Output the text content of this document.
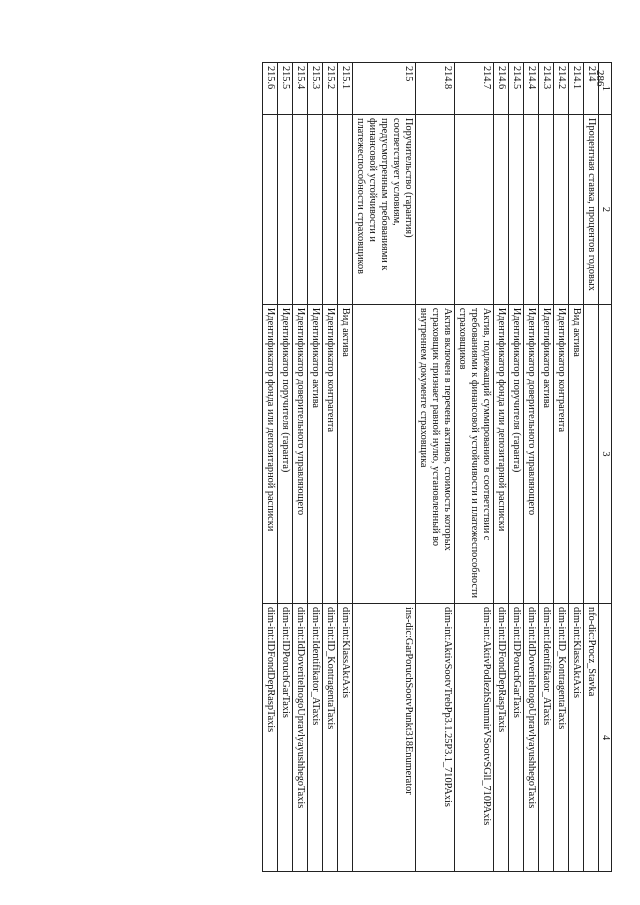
286
1	2	3	4
214	Процентная ставка, процентов годовых		nfo-dic:Procz_Stavka
214.1		Вид актива	dim-int:KlassAktAxis
214.2		Идентификатор контрагента	dim-int:ID_KontragentaTaxis
214.3		Идентификатор актива	dim-int:Identifikator_ATaxis
214.4		Идентификатор доверительного управляющего	dim-int:IdDoveritelnogoUpravlyayushhegoTaxis
214.5		Идентификатор поручителя (гаранта)	dim-int:IDPoruchGarTaxis
214.6		Идентификатор фонда или депозитарной расписки	dim-int:IDFondDepRaspTaxis
214.7		Актив, подлежащий суммированию в соответствии с требованиями к финансовой устойчивости и платежеспособности страховщиков	dim-int:AktivPodlezhSummirVSootvSGll_710PAxis
214.8		Актив включен в перечень активов, стоимость которых страховщик признает равной нулю, установленный во внутреннем документе страховщика	dim-int:AktivSootvTrebPp3.1.25P3.1_710PAxis
215	Поручительство (гарантия) соответствует условиям, предусмотренным требованиями к финансовой устойчивости и платежеспособности страховщиков		ins-dic:GarPoruchSootvPunkt318Enumerator
215.1		Вид актива	dim-int:KlassAktAxis
215.2		Идентификатор контрагента	dim-int:ID_KontragentaTaxis
215.3		Идентификатор актива	dim-int:Identifikator_ATaxis
215.4		Идентификатор доверительного управляющего	dim-int:IdDoveritelnogoUpravlyayushhegoTaxis
215.5		Идентификатор поручителя (гаранта)	dim-int:IDPoruchGarTaxis
215.6		Идентификатор фонда или депозитарной расписки	dim-int:IDFondDepRaspTaxis
